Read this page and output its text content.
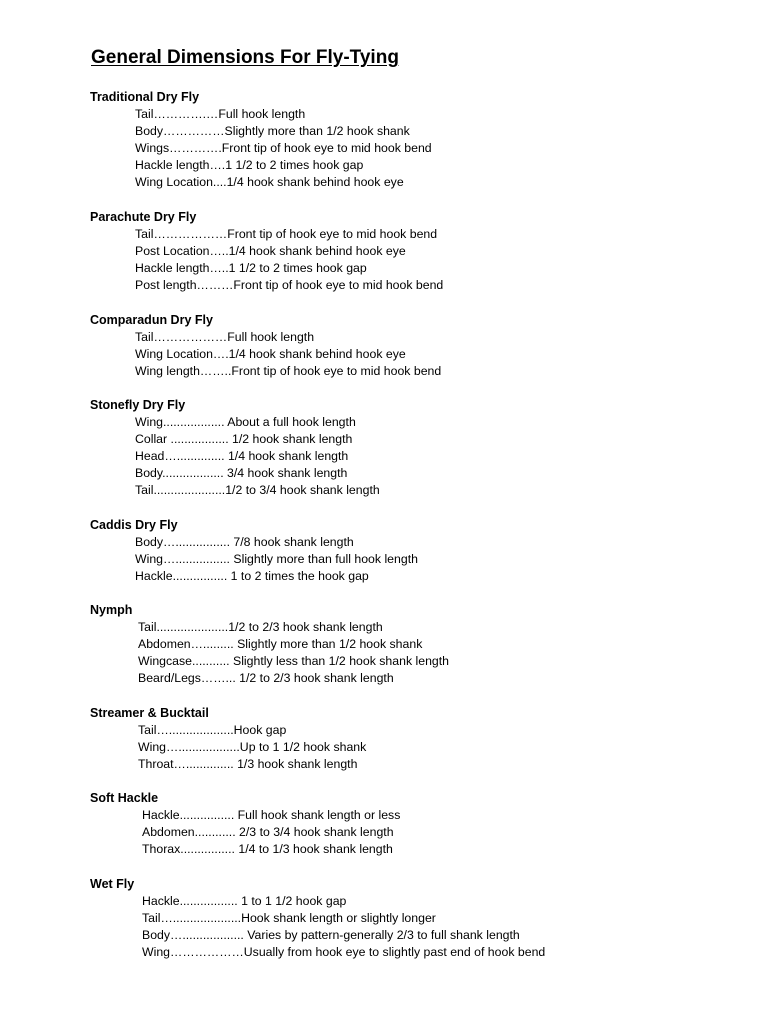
General Dimensions For Fly-Tying
Traditional Dry Fly
Tail………….…Full hook length
Body……………Slightly more than 1/2 hook shank
Wings………….Front tip of hook eye to mid hook bend
Hackle length….1 1/2 to 2 times hook gap
Wing Location....1/4 hook shank behind hook eye
Parachute Dry Fly
Tail………………Front tip of hook eye to mid hook bend
Post Location…..1/4 hook shank behind hook eye
Hackle length…..1 1/2 to 2 times hook gap
Post length………Front tip of hook eye to mid hook bend
Comparadun Dry Fly
Tail………………Full hook length
Wing Location….1/4 hook shank behind hook eye
Wing length……..Front tip of hook eye to mid hook bend
Stonefly Dry Fly
Wing.................. About a full hook length
Collar ................. 1/2 hook shank length
Head….............. 1/4 hook shank length
Body.................. 3/4 hook shank length
Tail.....................1/2 to 3/4 hook shank length
Caddis Dry Fly
Body…................ 7/8 hook shank length
Wing…................ Slightly more than full hook length
Hackle................ 1 to 2 times the hook gap
Nymph
Tail.....................1/2 to 2/3 hook shank length
Abdomen…......... Slightly more than 1/2 hook shank
Wingcase........... Slightly less than 1/2 hook shank length
Beard/Legs……... 1/2 to 2/3 hook shank length
Streamer & Bucktail
Tail…...................Hook gap
Wing…..................Up to 1 1/2 hook shank
Throat….............. 1/3 hook shank length
Soft Hackle
Hackle................ Full hook shank length or less
Abdomen............ 2/3 to 3/4 hook shank length
Thorax................ 1/4 to 1/3 hook shank length
Wet Fly
Hackle................. 1 to 1 1/2 hook gap
Tail…....................Hook shank length or slightly longer
Body….................. Varies by pattern-generally 2/3 to full shank length
Wing………………Usually from hook eye to slightly past end of hook bend
